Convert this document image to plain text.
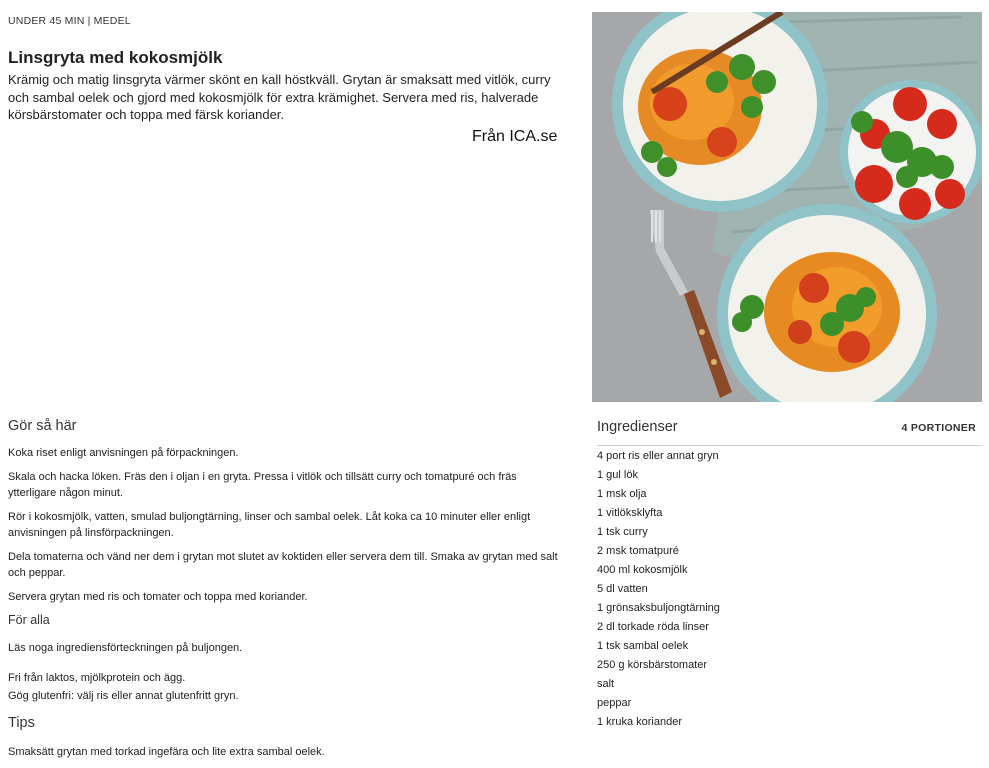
UNDER 45 MIN | MEDEL
Linsgryta med kokosmjölk

Krämig och matig linsgryta värmer skönt en kall höstkväll. Grytan är smaksatt med vitlök, curry och sambal oelek och gjord med kokosmjölk för extra krämighet. Servera med ris, halverade körsbärstomater och toppa med färsk koriander.

Från ICA.se
Gör så här

Koka riset enligt anvisningen på förpackningen.

Skala och hacka löken. Fräs den i oljan i en gryta. Pressa i vitlök och tillsätt curry och tomatpuré och fräs ytterligare någon minut.

Rör i kokosmjölk, vatten, smulad buljongtärning, linser och sambal oelek. Låt koka ca 10 minuter eller enligt anvisningen på linsförpackningen.

Dela tomaterna och vänd ner dem i grytan mot slutet av koktiden eller servera dem till. Smaka av grytan med salt och peppar.

Servera grytan med ris och tomater och toppa med koriander.

För alla

Läs noga ingrediensförteckningen på buljongen.

Fri från laktos, mjölkprotein och ägg.

Gög glutenfri: välj ris eller annat glutenfritt gryn.

Tips

Smaksätt grytan med torkad ingefära och lite extra sambal oelek.

Ingredienser	4 PORTIONER
4 port ris eller annat gryn
1 gul lök
1 msk olja
1 vitlöksklyfta
1 tsk curry
2 msk tomatpuré
400 ml kokosmjölk
5 dl vatten
1 grönsaksbuljongtärning
2 dl torkade röda linser
1 tsk sambal oelek
250 g körsbärstomater
salt
peppar
1 kruka koriander
